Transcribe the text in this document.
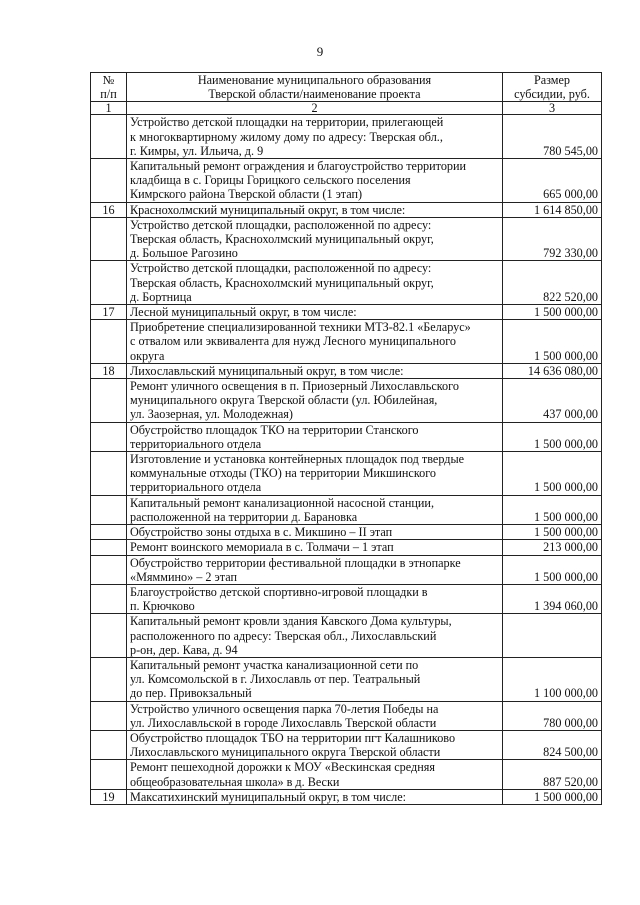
9
№
п/п	Наименование муниципального образования
Тверской области/наименование проекта	Размер
субсидии, руб.
1	2	3
	Устройство детской площадки на территории, прилегающей
к многоквартирному жилому дому по адресу: Тверская обл.,
г. Кимры, ул. Ильича, д. 9	780 545,00
	Капитальный ремонт ограждения и благоустройство территории
кладбища в с. Горицы Горицкого сельского поселения
Кимрского района Тверской области (1 этап)	665 000,00
16	Краснохолмский муниципальный округ, в том числе:	1 614 850,00
	Устройство детской площадки, расположенной по адресу:
Тверская область, Краснохолмский муниципальный округ,
д. Большое Рагозино	792 330,00
	Устройство детской площадки, расположенной по адресу:
Тверская область, Краснохолмский муниципальный округ,
д. Бортница	822 520,00
17	Лесной муниципальный округ, в том числе:	1 500 000,00
	Приобретение специализированной техники МТЗ-82.1 «Беларус»
с отвалом или эквивалента для нужд Лесного муниципального
округа	1 500 000,00
18	Лихославльский муниципальный округ, в том числе:	14 636 080,00
	Ремонт уличного освещения в п. Приозерный Лихославльского
муниципального округа Тверской области (ул. Юбилейная,
ул. Заозерная, ул. Молодежная)	437 000,00
	Обустройство площадок ТКО на территории Станского
территориального отдела	1 500 000,00
	Изготовление и установка контейнерных площадок под твердые
коммунальные отходы (ТКО) на территории Микшинского
территориального отдела	1 500 000,00
	Капитальный ремонт канализационной насосной станции,
расположенной на территории д. Барановка	1 500 000,00
	Обустройство зоны отдыха в с. Микшино – II этап	1 500 000,00
	Ремонт воинского мемориала в с. Толмачи – 1 этап	213 000,00
	Обустройство территории фестивальной площадки в этнопарке
«Мяммино» – 2 этап	1 500 000,00
	Благоустройство детской спортивно-игровой площадки в
п. Крючково	1 394 060,00
	Капитальный ремонт кровли здания Кавского Дома культуры,
расположенного по адресу: Тверская обл., Лихославльский
р-он, дер. Кава, д. 94	
	Капитальный ремонт участка канализационной сети по
ул. Комсомольской в г. Лихославль от пер. Театральный
до пер. Привокзальный	1 100 000,00
	Устройство уличного освещения парка 70-летия Победы на
ул. Лихославльской в городе Лихославль Тверской области	780 000,00
	Обустройство площадок ТБО на территории пгт Калашниково
Лихославльского муниципального округа Тверской области	824 500,00
	Ремонт пешеходной дорожки к МОУ «Вескинская средняя
общеобразовательная школа» в д. Вески	887 520,00
19	Максатихинский муниципальный округ, в том числе:	1 500 000,00
